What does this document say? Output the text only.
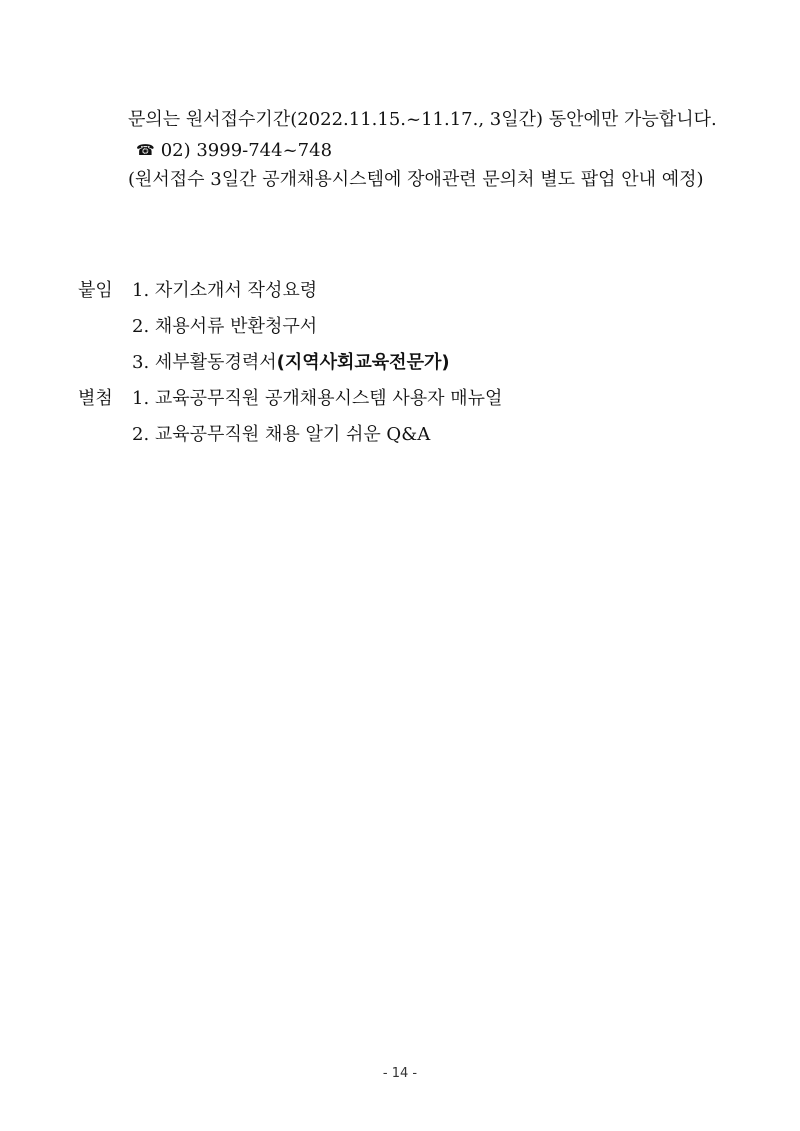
문의는 원서접수기간(2022.11.15.~11.17., 3일간) 동안에만 가능합니다.
☎ 02) 3999-744~748
(원서접수 3일간 공개채용시스템에 장애관련 문의처 별도 팝업 안내 예정)
붙임 1. 자기소개서 작성요령
2. 채용서류 반환청구서
3. 세부활동경력서(지역사회교육전문가)
별첨 1. 교육공무직원 공개채용시스템 사용자 매뉴얼
2. 교육공무직원 채용 알기 쉬운 Q&A
- 14 -
